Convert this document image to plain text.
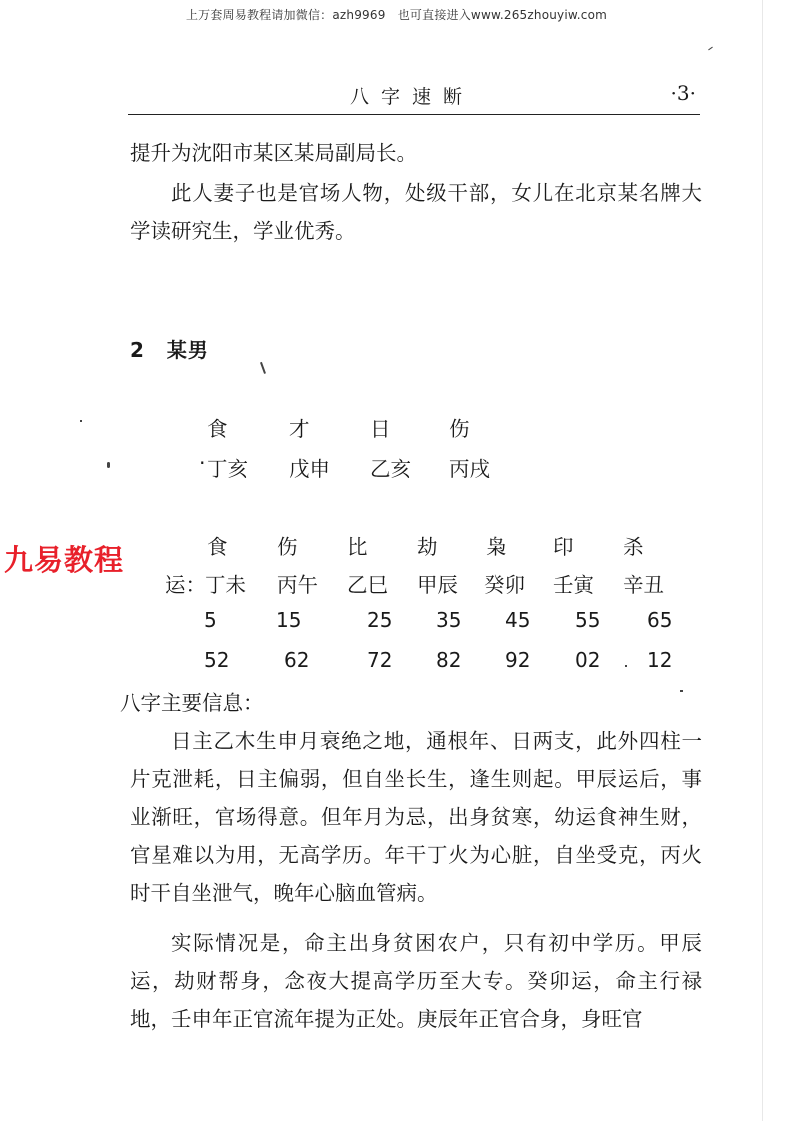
上万套周易教程请加微信：azh9969　也可直接进入www.265zhouyiw.com
八字速断	·3·

提升为沈阳市某区某局副局长。

此人妻子也是官场人物，处级干部，女儿在北京某名牌大学读研究生，学业优秀。

2 某男
食	才	日	伤
· 丁亥 戊申 乙亥 丙戌
食 伤 比 劫 枭 印 杀
运： 丁未 丙午 乙巳 甲辰 癸卯 壬寅 辛丑
5	15	25 35 45 55 65
52	62	72 82 92 02 12
八字主要信息：

日主乙木生申月衰绝之地，通根年、日两支，此外四柱一片克泄耗，日主偏弱，但自坐长生，逢生则起。甲辰运后，事业渐旺，官场得意。但年月为忌，出身贫寒，幼运食神生财，官星难以为用，无高学历。年干丁火为心脏，自坐受克，丙火时干自坐泄气，晚年心脑血管病。

实际情况是，命主出身贫困农户，只有初中学历。甲辰运，劫财帮身，念夜大提高学历至大专。癸卯运，命主行禄地，壬申年正官流年提为正处。庚辰年正官合身，身旺官

九易教程
